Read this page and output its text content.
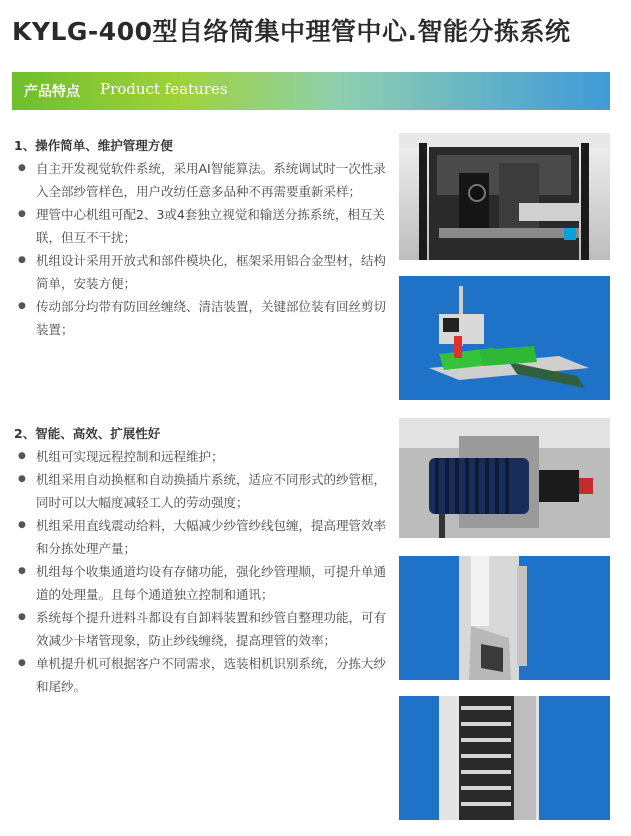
KYLG-400型自络筒集中理管中心.智能分拣系统
产品特点 Product features
1、操作简单、维护管理方便
● 自主开发视觉软件系统，采用AI智能算法。系统调试时一次性录入全部纱管样色，用户改纺任意多品种不再需要重新采样；
● 理管中心机组可配2、3或4套独立视觉和输送分拣系统，相互关联，但互不干扰；
● 机组设计采用开放式和部件模块化，框架采用铝合金型材，结构简单，安装方便；
● 传动部分均带有防回丝缠绕、清洁装置，关键部位装有回丝剪切装置；
2、智能、高效、扩展性好
● 机组可实现远程控制和远程维护；
● 机组采用自动换框和自动换插片系统，适应不同形式的纱管框，同时可以大幅度减轻工人的劳动强度；
● 机组采用直线震动给料，大幅减少纱管纱线包缠，提高理管效率和分拣处理产量；
● 机组每个收集通道均设有存储功能，强化纱管理顺，可提升单通道的处理量。且每个通道独立控制和通讯；
● 系统每个提升进料斗都设有自卸料装置和纱管自整理功能，可有效减少卡堵管现象，防止纱线缠绕，提高理管的效率；
● 单机提升机可根据客户不同需求，选装相机识别系统，分拣大纱和尾纱。
